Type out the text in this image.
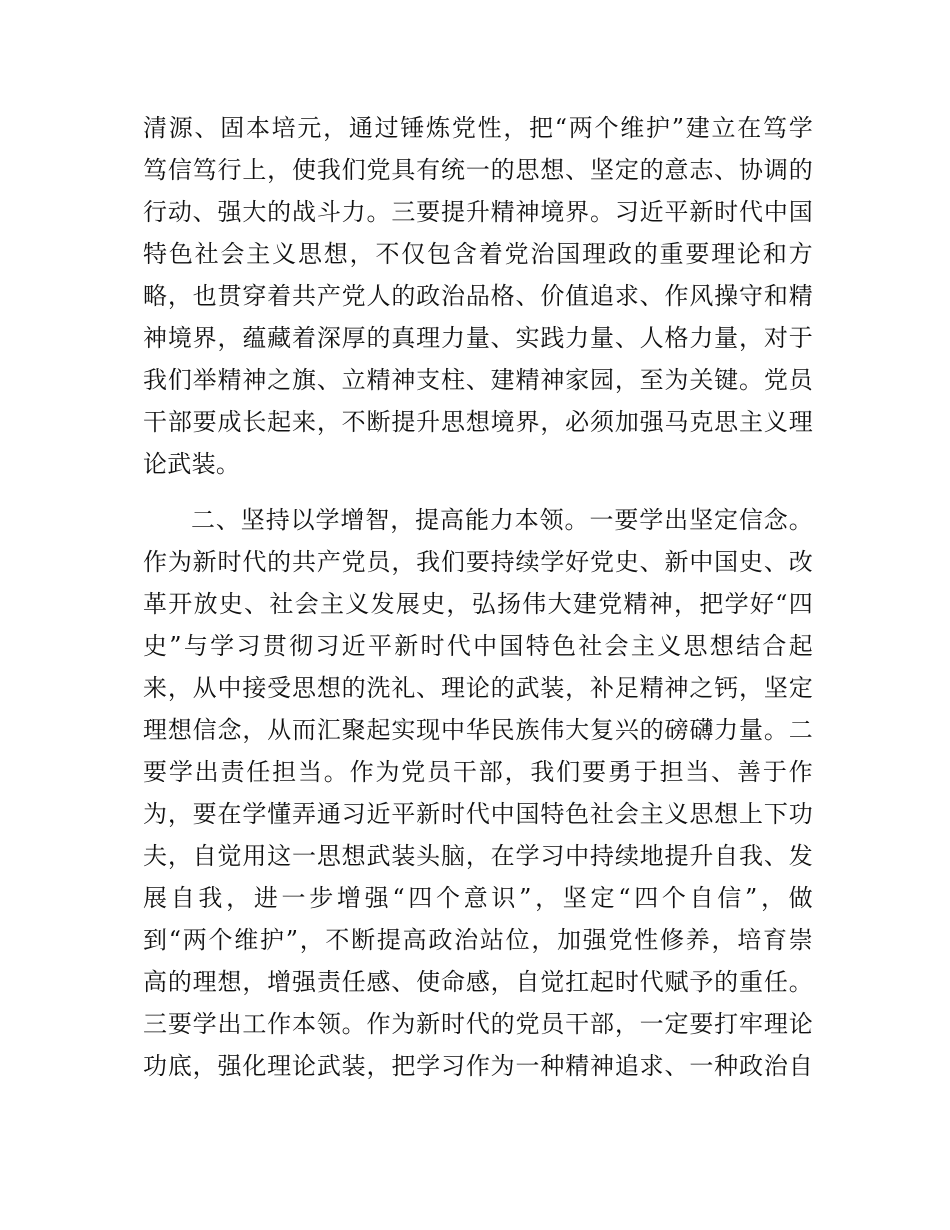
清源、固本培元，通过锤炼党性，把“两个维护”建立在笃学
笃信笃行上，使我们党具有统一的思想、坚定的意志、协调的
行动、强大的战斗力。三要提升精神境界。习近平新时代中国
特色社会主义思想，不仅包含着党治国理政的重要理论和方
略，也贯穿着共产党人的政治品格、价值追求、作风操守和精
神境界，蕴藏着深厚的真理力量、实践力量、人格力量，对于
我们举精神之旗、立精神支柱、建精神家园，至为关键。党员
干部要成长起来，不断提升思想境界，必须加强马克思主义理
论武装。
二、坚持以学增智，提高能力本领。一要学出坚定信念。
作为新时代的共产党员，我们要持续学好党史、新中国史、改
革开放史、社会主义发展史，弘扬伟大建党精神，把学好“四
史”与学习贯彻习近平新时代中国特色社会主义思想结合起
来，从中接受思想的洗礼、理论的武装，补足精神之钙，坚定
理想信念，从而汇聚起实现中华民族伟大复兴的磅礴力量。二
要学出责任担当。作为党员干部，我们要勇于担当、善于作
为，要在学懂弄通习近平新时代中国特色社会主义思想上下功
夫，自觉用这一思想武装头脑，在学习中持续地提升自我、发
展自我，进一步增强“四个意识”，坚定“四个自信”，做
到“两个维护”，不断提高政治站位，加强党性修养，培育崇
高的理想，增强责任感、使命感，自觉扛起时代赋予的重任。
三要学出工作本领。作为新时代的党员干部，一定要打牢理论
功底，强化理论武装，把学习作为一种精神追求、一种政治自
